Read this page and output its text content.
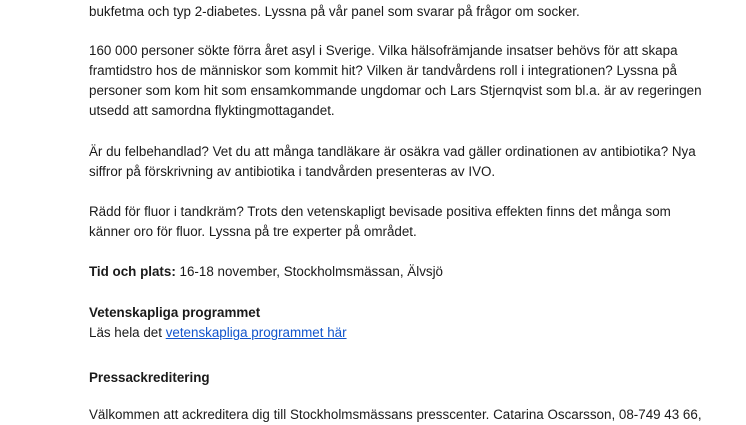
bukfetma och typ 2-diabetes. Lyssna på vår panel som svarar på frågor om socker.
160 000 personer sökte förra året asyl i Sverige. Vilka hälsofrämjande insatser behövs för att skapa
framtidstro hos de människor som kommit hit? Vilken är tandvårdens roll i integrationen? Lyssna på
personer som kom hit som ensamkommande ungdomar och Lars Stjernqvist som bl.a. är av regeringen
utsedd att samordna flyktingmottagandet.
Är du felbehandlad? Vet du att många tandläkare är osäkra vad gäller ordinationen av antibiotika? Nya
siffror på förskrivning av antibiotika i tandvården presenteras av IVO.
Rädd för fluor i tandkräm? Trots den vetenskapligt bevisade positiva effekten finns det många som
känner oro för fluor. Lyssna på tre experter på området.
Tid och plats: 16-18 november, Stockholmsmässan, Älvsjö
Vetenskapliga programmet
Läs hela det vetenskapliga programmet här
Pressackreditering
Välkommen att ackreditera dig till Stockholmsmässans presscenter. Catarina Oscarsson, 08-749 43 66,
